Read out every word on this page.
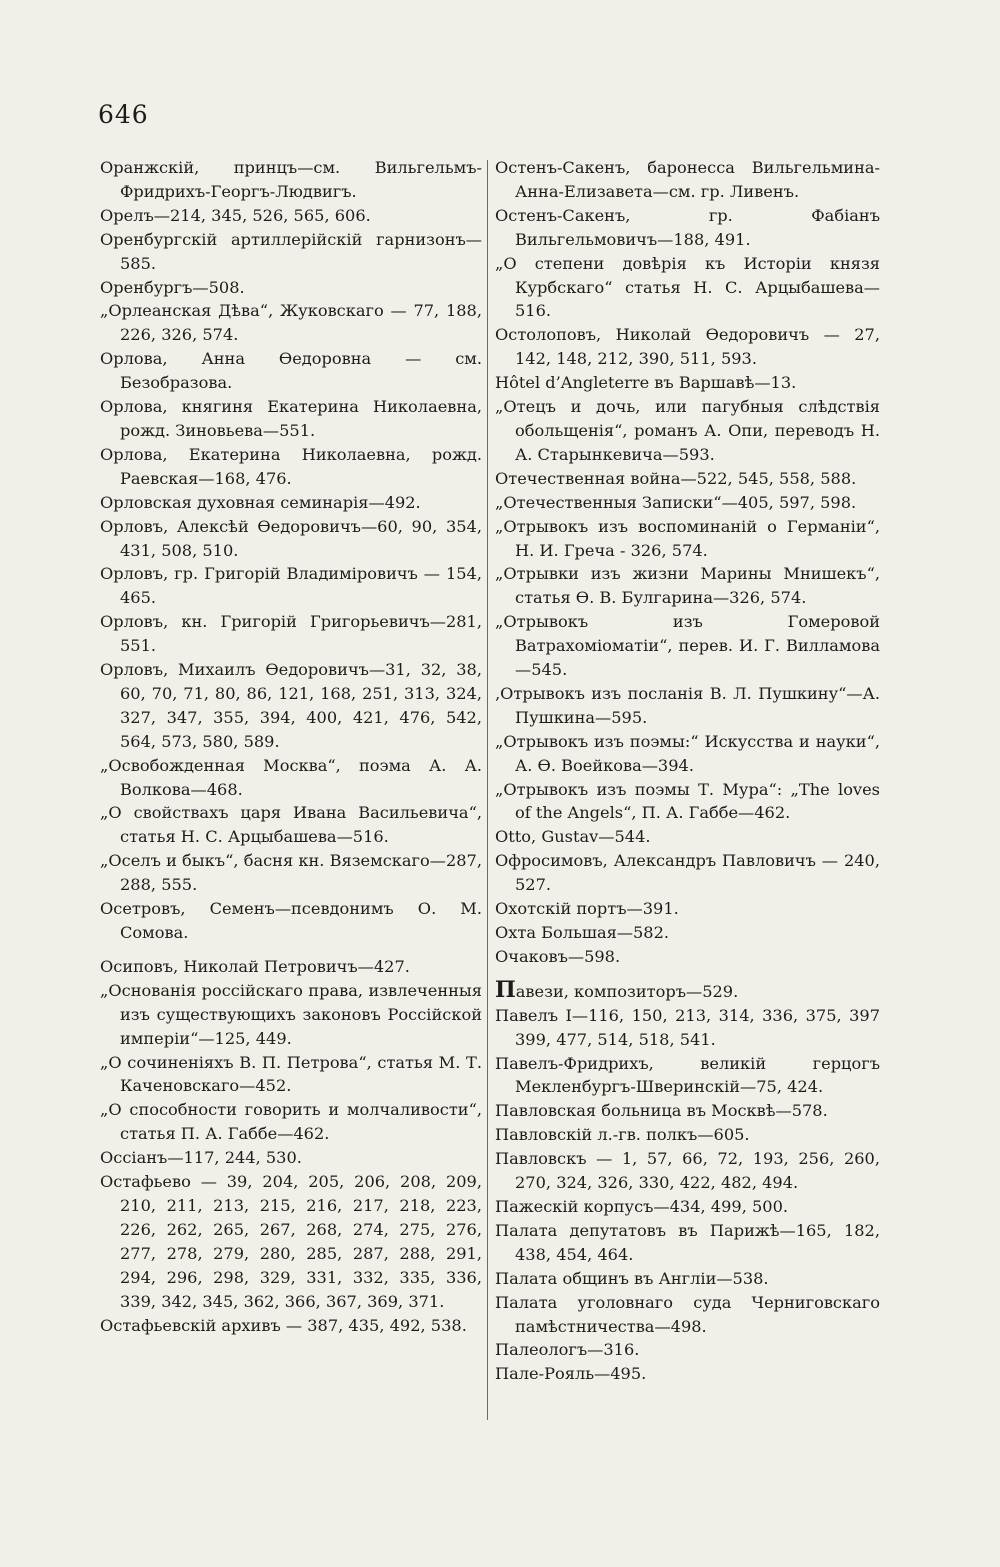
646

Оранжскій, принцъ—см. Вильгельмъ-Фридрихъ-Георгъ-Людвигъ.

Орелъ—214, 345, 526, 565, 606.

Оренбургскій артиллерійскій гарнизонъ—585.

Оренбургъ—508.

„Орлеанская Дѣва“, Жуковскаго — 77, 188, 226, 326, 574.

Орлова, Анна Өедоровна — см. Безобразова.

Орлова, княгиня Екатерина Николаевна, рожд. Зиновьева—551.

Орлова, Екатерина Николаевна, рожд. Раевская—168, 476.

Орловская духовная семинарія—492.

Орловъ, Алексѣй Өедоровичъ—60, 90, 354, 431, 508, 510.

Орловъ, гр. Григорій Владиміровичъ — 154, 465.

Орловъ, кн. Григорій Григорьевичъ—281, 551.

Орловъ, Михаилъ Өедоровичъ—31, 32, 38, 60, 70, 71, 80, 86, 121, 168, 251, 313, 324, 327, 347, 355, 394, 400, 421, 476, 542, 564, 573, 580, 589.

„Освобожденная Москва“, поэма А. А. Волкова—468.

„О свойствахъ царя Ивана Васильевича“, статья Н. С. Арцыбашева—516.

„Оселъ и быкъ“, басня кн. Вяземскаго—287, 288, 555.

Осетровъ, Семенъ—псевдонимъ О. М. Сомова.

Осиповъ, Николай Петровичъ—427.

„Основанія россійскаго права, извлеченныя изъ существующихъ законовъ Россійской имперіи“—125, 449.

„О сочиненіяхъ В. П. Петрова“, статья М. Т. Каченовскаго—452.

„О способности говорить и молчаливости“, статья П. А. Габбе—462.

Оссіанъ—117, 244, 530.

Остафьево — 39, 204, 205, 206, 208, 209, 210, 211, 213, 215, 216, 217, 218, 223, 226, 262, 265, 267, 268, 274, 275, 276, 277, 278, 279, 280, 285, 287, 288, 291, 294, 296, 298, 329, 331, 332, 335, 336, 339, 342, 345, 362, 366, 367, 369, 371.

Остафьевскій архивъ — 387, 435, 492, 538.

Остенъ-Сакенъ, баронесса Вильгельмина-Анна-Елизавета—см. гр. Ливенъ.

Остенъ-Сакенъ, гр. Фабіанъ Вильгельмовичъ—188, 491.

„О степени довѣрія къ Исторіи князя Курбскаго“ статья Н. С. Арцыбашева—516.

Остолоповъ, Николай Өедоровичъ — 27, 142, 148, 212, 390, 511, 593.

Hôtel d’Angleterre въ Варшавѣ—13.

„Отецъ и дочь, или пагубныя слѣдствія обольщенія“, романъ А. Опи, переводъ Н. А. Старынкевича—593.

Отечественная война—522, 545, 558, 588.

„Отечественныя Записки“—405, 597, 598.

„Отрывокъ изъ воспоминаній о Германіи“, Н. И. Греча - 326, 574.

„Отрывки изъ жизни Марины Мнишекъ“, статья Ө. В. Булгарина—326, 574.

„Отрывокъ изъ Гомеровой Ватрахоміоматіи“, перев. И. Г. Вилламова—545.

‚Отрывокъ изъ посланія В. Л. Пушкину“—А. Пушкина—595.

„Отрывокъ изъ поэмы:“ Искусства и науки“, А. Ө. Воейкова—394.

„Отрывокъ изъ поэмы Т. Мура“: „The loves of the Angels“, П. А. Габбе—462.

Otto, Gustav—544.

Офросимовъ, Александръ Павловичъ — 240, 527.

Охотскій портъ—391.

Охта Большая—582.

Очаковъ—598.

Павези, композиторъ—529.

Павелъ I—116, 150, 213, 314, 336, 375, 397 399, 477, 514, 518, 541.

Павелъ-Фридрихъ, великій герцогъ Мекленбургъ-Шверинскій—75, 424.

Павловская больница въ Москвѣ—578.

Павловскій л.-гв. полкъ—605.

Павловскъ — 1, 57, 66, 72, 193, 256, 260, 270, 324, 326, 330, 422, 482, 494.

Пажескій корпусъ—434, 499, 500.

Палата депутатовъ въ Парижѣ—165, 182, 438, 454, 464.

Палата общинъ въ Англіи—538.

Палата уголовнаго суда Черниговскаго памѣстничества—498.

Палеологъ—316.

Пале-Рояль—495.
